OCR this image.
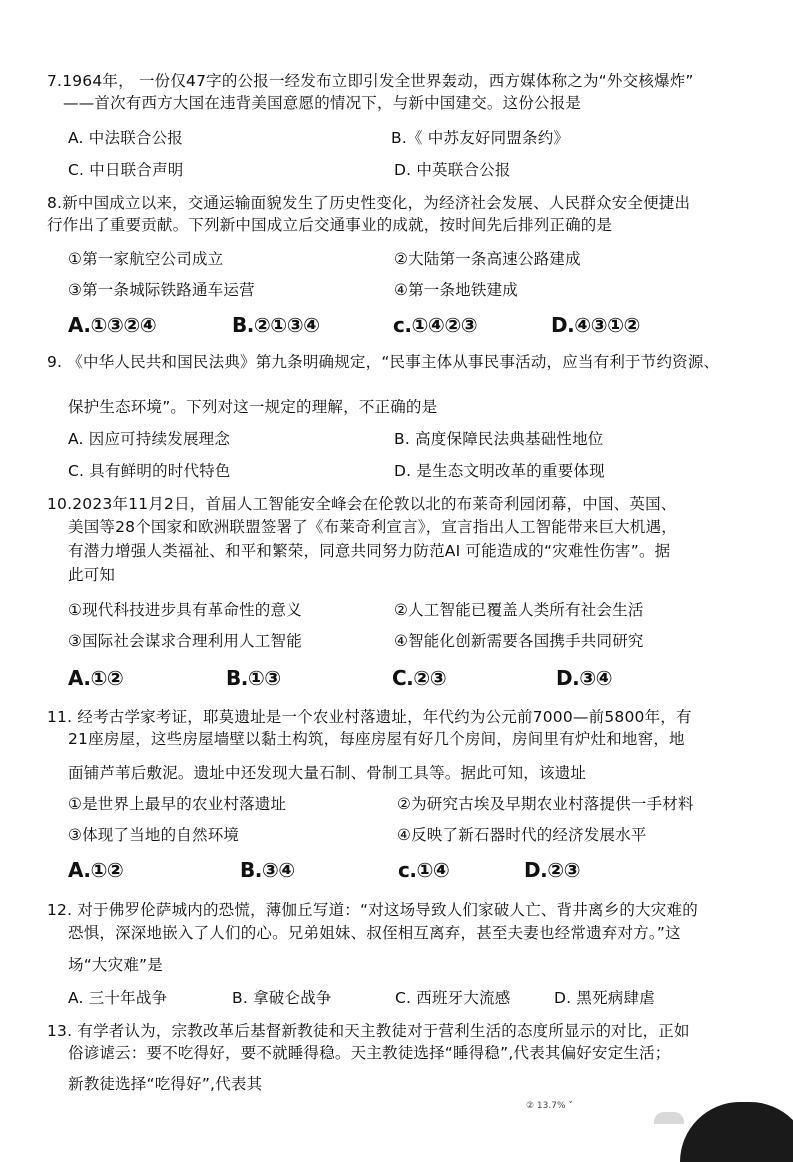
7.1964年， 一份仅47字的公报一经发布立即引发全世界轰动，西方媒体称之为“外交核爆炸”
——首次有西方大国在违背美国意愿的情况下，与新中国建交。这份公报是
A. 中法联合公报	B.《 中苏友好同盟条约》
C. 中日联合声明	D. 中英联合公报
8.新中国成立以来，交通运输面貌发生了历史性变化，为经济社会发展、人民群众安全便捷出
行作出了重要贡献。下列新中国成立后交通事业的成就，按时间先后排列正确的是
①第一家航空公司成立	②大陆第一条高速公路建成
③第一条城际铁路通车运营	④第一条地铁建成
A.①③②④	B.②①③④	c.①④②③	D.④③①②
9. 《中华人民共和国民法典》第九条明确规定，“民事主体从事民事活动，应当有利于节约资源、
保护生态环境”。下列对这一规定的理解，不正确的是
A. 因应可持续发展理念	B. 高度保障民法典基础性地位
C. 具有鲜明的时代特色	D. 是生态文明改革的重要体现
10.2023年11月2日，首届人工智能安全峰会在伦敦以北的布莱奇利园闭幕，中国、英国、
美国等28个国家和欧洲联盟签署了《布莱奇利宣言》，宣言指出人工智能带来巨大机遇，
有潜力增强人类福祉、和平和繁荣，同意共同努力防范AI 可能造成的“灾难性伤害”。据
此可知
①现代科技进步具有革命性的意义	②人工智能已覆盖人类所有社会生活
③国际社会谋求合理利用人工智能	④智能化创新需要各国携手共同研究
A.①②	B.①③	C.②③	D.③④
11. 经考古学家考证，耶莫遗址是一个农业村落遗址，年代约为公元前7000—前5800年，有
21座房屋，这些房屋墙壁以黏土构筑，每座房屋有好几个房间，房间里有炉灶和地窖，地
面铺芦苇后敷泥。遗址中还发现大量石制、骨制工具等。据此可知，该遗址
①是世界上最早的农业村落遗址	②为研究古埃及早期农业村落提供一手材料
③体现了当地的自然环境	④反映了新石器时代的经济发展水平
A.①②	B.③④	c.①④	D.②③
12. 对于佛罗伦萨城内的恐慌，薄伽丘写道：“对这场导致人们家破人亡、背井离乡的大灾难的
恐惧，深深地嵌入了人们的心。兄弟姐妹、叔侄相互离弃，甚至夫妻也经常遗弃对方。”这
场“大灾难”是
A. 三十年战争	B. 拿破仑战争	C. 西班牙大流感	D. 黑死病肆虐
13. 有学者认为，宗教改革后基督新教徒和天主教徒对于营利生活的态度所显示的对比，正如
俗谚谑云：要不吃得好，要不就睡得稳。天主教徒选择“睡得稳”,代表其偏好安定生活；
新教徒选择“吃得好”,代表其
② 13.7% ˅
